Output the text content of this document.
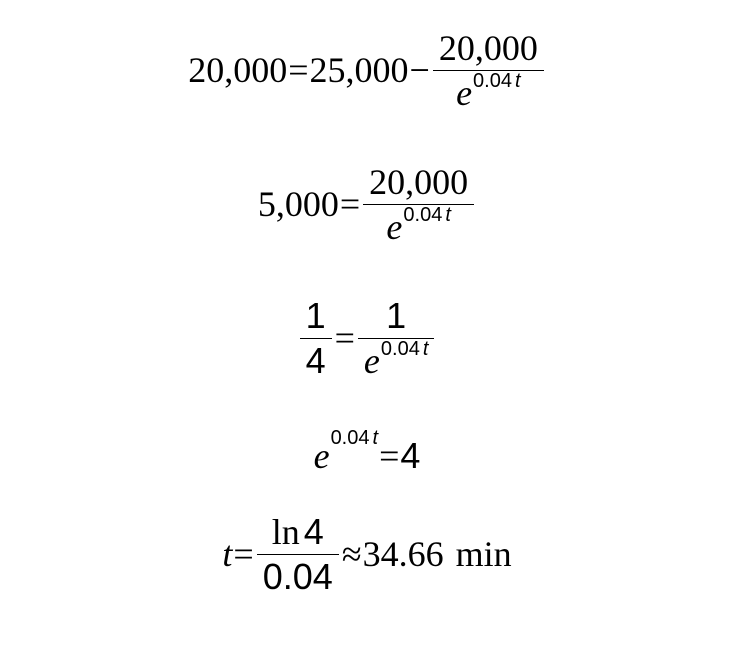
$20,000 = 25,000 - \frac{20,000}{e^{0.04 t}}$
$5,000 = \frac{20,000}{e^{0.04 t}}$
$\frac{1}{4} = \frac{1}{e^{0.04 t}}$
e 0.04 t = 4
$t = \frac{\ln 4}{0.04} \approx 34.66$ min
